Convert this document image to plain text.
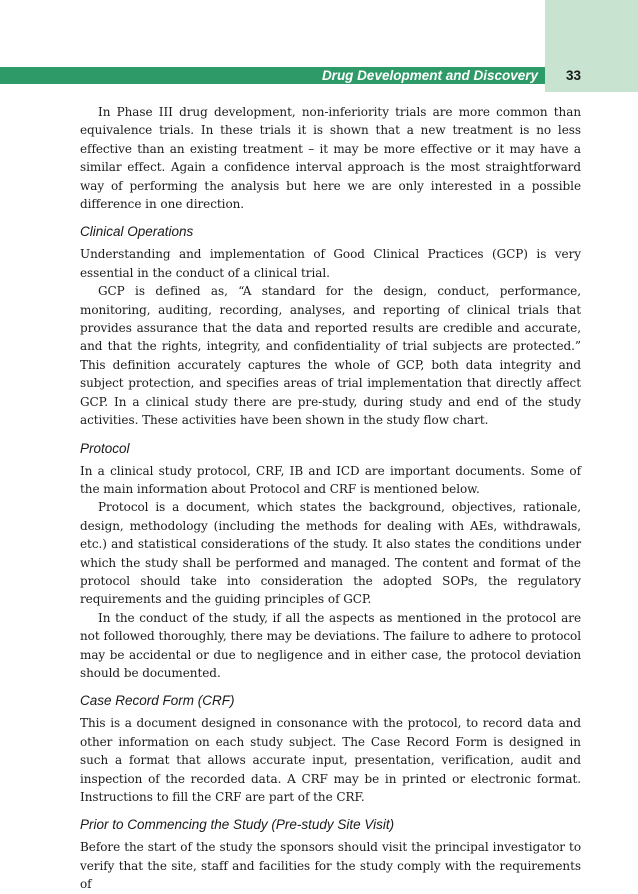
Drug Development and Discovery 33

In Phase III drug development, non-inferiority trials are more common than equivalence trials. In these trials it is shown that a new treatment is no less effective than an existing treatment – it may be more effective or it may have a similar effect. Again a confidence interval approach is the most straightforward way of performing the analysis but here we are only interested in a possible difference in one direction.

Clinical Operations

Understanding and implementation of Good Clinical Practices (GCP) is very essential in the conduct of a clinical trial.

GCP is defined as, “A standard for the design, conduct, performance, monitoring, auditing, recording, analyses, and reporting of clinical trials that provides assurance that the data and reported results are credible and accurate, and that the rights, integrity, and confidentiality of trial subjects are protected.” This definition accurately captures the whole of GCP, both data integrity and subject protection, and specifies areas of trial implementation that directly affect GCP. In a clinical study there are pre-study, during study and end of the study activities. These activities have been shown in the study flow chart.

Protocol

In a clinical study protocol, CRF, IB and ICD are important documents. Some of the main information about Protocol and CRF is mentioned below.

Protocol is a document, which states the background, objectives, rationale, design, methodology (including the methods for dealing with AEs, withdrawals, etc.) and statistical considerations of the study. It also states the conditions under which the study shall be performed and managed. The content and format of the protocol should take into consideration the adopted SOPs, the regulatory requirements and the guiding principles of GCP.

In the conduct of the study, if all the aspects as mentioned in the protocol are not followed thoroughly, there may be deviations. The failure to adhere to protocol may be accidental or due to negligence and in either case, the protocol deviation should be documented.

Case Record Form (CRF)

This is a document designed in consonance with the protocol, to record data and other information on each study subject. The Case Record Form is designed in such a format that allows accurate input, presentation, verification, audit and inspection of the recorded data. A CRF may be in printed or electronic format. Instructions to fill the CRF are part of the CRF.

Prior to Commencing the Study (Pre-study Site Visit)

Before the start of the study the sponsors should visit the principal investigator to verify that the site, staff and facilities for the study comply with the requirements of
